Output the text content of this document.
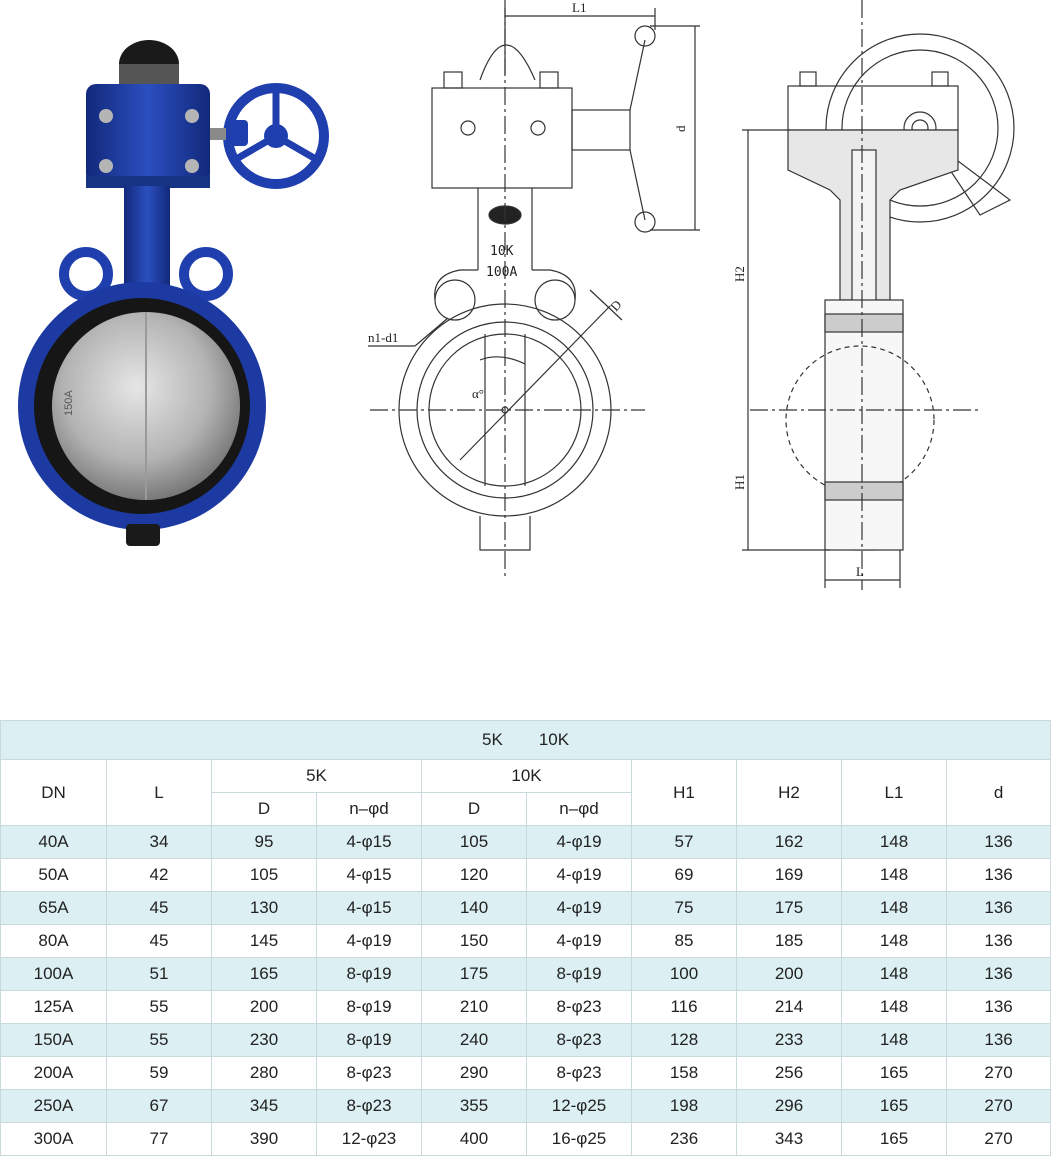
150A
L1
d
D
n1-d1
α°
10K
100A	H2
H1
L
5K 10K									
DN	L	5K		10K		H1	H2	L1	d
		D	n–φd	D	n–φd				
40A	34	95	4-φ15	105	4-φ19	57	162	148	136
50A	42	105	4-φ15	120	4-φ19	69	169	148	136
65A	45	130	4-φ15	140	4-φ19	75	175	148	136
80A	45	145	4-φ19	150	4-φ19	85	185	148	136
100A	51	165	8-φ19	175	8-φ19	100	200	148	136
125A	55	200	8-φ19	210	8-φ23	116	214	148	136
150A	55	230	8-φ19	240	8-φ23	128	233	148	136
200A	59	280	8-φ23	290	8-φ23	158	256	165	270
250A	67	345	8-φ23	355	12-φ25	198	296	165	270
300A	77	390	12-φ23	400	16-φ25	236	343	165	270
